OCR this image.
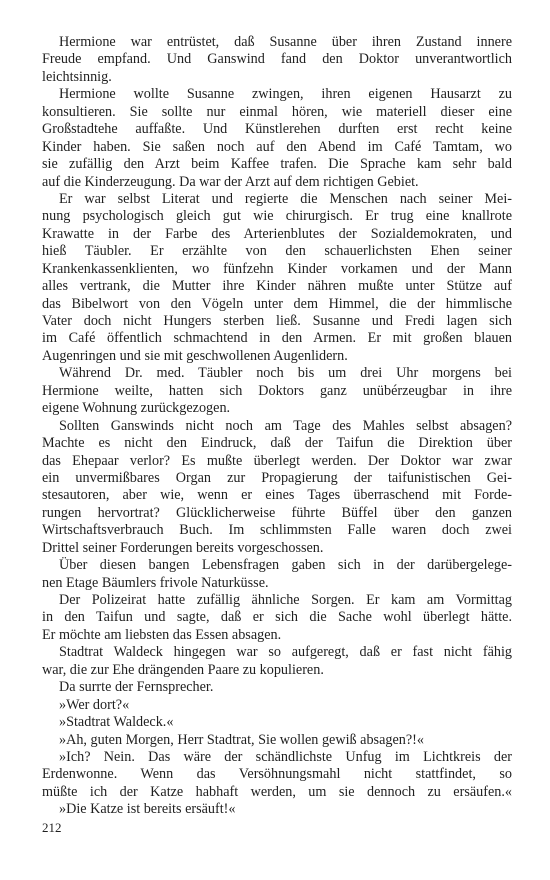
Hermione war entrüstet, daß Susanne über ihren Zustand innere
Freude empfand. Und Ganswind fand den Doktor unverantwortlich
leichtsinnig.
Hermione wollte Susanne zwingen, ihren eigenen Hausarzt zu
konsultieren. Sie sollte nur einmal hören, wie materiell dieser eine
Großstadtehe auffaßte. Und Künstlerehen durften erst recht keine
Kinder haben. Sie saßen noch auf den Abend im Café Tamtam, wo
sie zufällig den Arzt beim Kaffee trafen. Die Sprache kam sehr bald
auf die Kinderzeugung. Da war der Arzt auf dem richtigen Gebiet.
Er war selbst Literat und regierte die Menschen nach seiner Mei-
nung psychologisch gleich gut wie chirurgisch. Er trug eine knallrote
Krawatte in der Farbe des Arterienblutes der Sozialdemokraten, und
hieß Täubler. Er erzählte von den schauerlichsten Ehen seiner
Krankenkassenklienten, wo fünfzehn Kinder vorkamen und der Mann
alles vertrank, die Mutter ihre Kinder nähren mußte unter Stütze auf
das Bibelwort von den Vögeln unter dem Himmel, die der himmlische
Vater doch nicht Hungers sterben ließ. Susanne und Fredi lagen sich
im Café öffentlich schmachtend in den Armen. Er mit großen blauen
Augenringen und sie mit geschwollenen Augenlidern.
Während Dr. med. Täubler noch bis um drei Uhr morgens bei
Hermione weilte, hatten sich Doktors ganz unübérzeugbar in ihre
eigene Wohnung zurückgezogen.
Sollten Ganswinds nicht noch am Tage des Mahles selbst absagen?
Machte es nicht den Eindruck, daß der Taifun die Direktion über
das Ehepaar verlor? Es mußte überlegt werden. Der Doktor war zwar
ein unvermißbares Organ zur Propagierung der taifunistischen Gei-
stesautoren, aber wie, wenn er eines Tages überraschend mit Forde-
rungen hervortrat? Glücklicherweise führte Büffel über den ganzen
Wirtschaftsverbrauch Buch. Im schlimmsten Falle waren doch zwei
Drittel seiner Forderungen bereits vorgeschossen.
Über diesen bangen Lebensfragen gaben sich in der darübergelege-
nen Etage Bäumlers frivole Naturküsse.
Der Polizeirat hatte zufällig ähnliche Sorgen. Er kam am Vormittag
in den Taifun und sagte, daß er sich die Sache wohl überlegt hätte.
Er möchte am liebsten das Essen absagen.
Stadtrat Waldeck hingegen war so aufgeregt, daß er fast nicht fähig
war, die zur Ehe drängenden Paare zu kopulieren.
Da surrte der Fernsprecher.
»Wer dort?«
»Stadtrat Waldeck.«
»Ah, guten Morgen, Herr Stadtrat, Sie wollen gewiß absagen?!«
»Ich? Nein. Das wäre der schändlichste Unfug im Lichtkreis der
Erdenwonne. Wenn das Versöhnungsmahl nicht stattfindet, so
müßte ich der Katze habhaft werden, um sie dennoch zu ersäufen.«
»Die Katze ist bereits ersäuft!«
212
